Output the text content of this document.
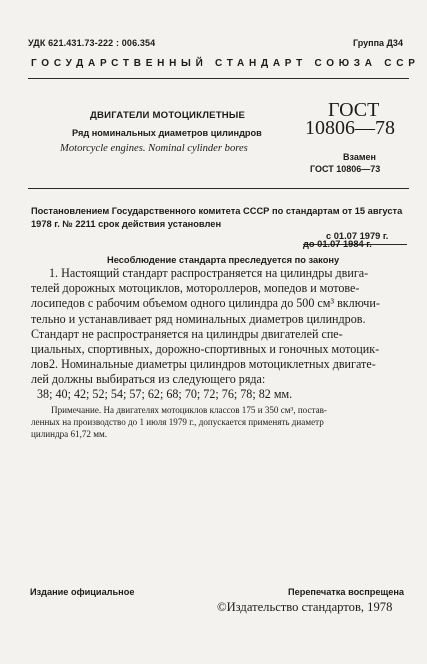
УДК 621.431.73-222 : 006.354	Группа Д34
ГОСУДАРСТВЕННЫЙ СТАНДАРТ СОЮЗА ССР
ДВИГАТЕЛИ МОТОЦИКЛЕТНЫЕ
Ряд номинальных диаметров цилиндров
Motorcycle engines. Nominal cylinder bores
ГОСТ
10806—78
Взамен
ГОСТ 10806—73
Постановлением Государственного комитета СССР по стандартам от 15 августа
1978 г. № 2211 срок действия установлен
с 01.07 1979 г.
до 01.07 1984 г.
Несоблюдение стандарта преследуется по закону
1. Настоящий стандарт распространяется на цилиндры двига-
телей дорожных мотоциклов, мотороллеров, мопедов и мотове-
лосипедов с рабочим объемом одного цилиндра до 500 см³ включи-
тельно и устанавливает ряд номинальных диаметров цилиндров.
Стандарт не распространяется на цилиндры двигателей спе-
циальных, спортивных, дорожно-спортивных и гоночных мотоцик-
лов.
2. Номинальные диаметры цилиндров мотоциклетных двигате-
лей должны выбираться из следующего ряда:
38; 40; 42; 52; 54; 57; 62; 68; 70; 72; 76; 78; 82 мм.
Примечание. На двигателях мотоциклов классов 175 и 350 см³, постав-
ленных на производство до 1 июля 1979 г., допускается применять диаметр
цилиндра 61,72 мм.
Издание официальное	Перепечатка воспрещена
©Издательство стандартов, 1978
